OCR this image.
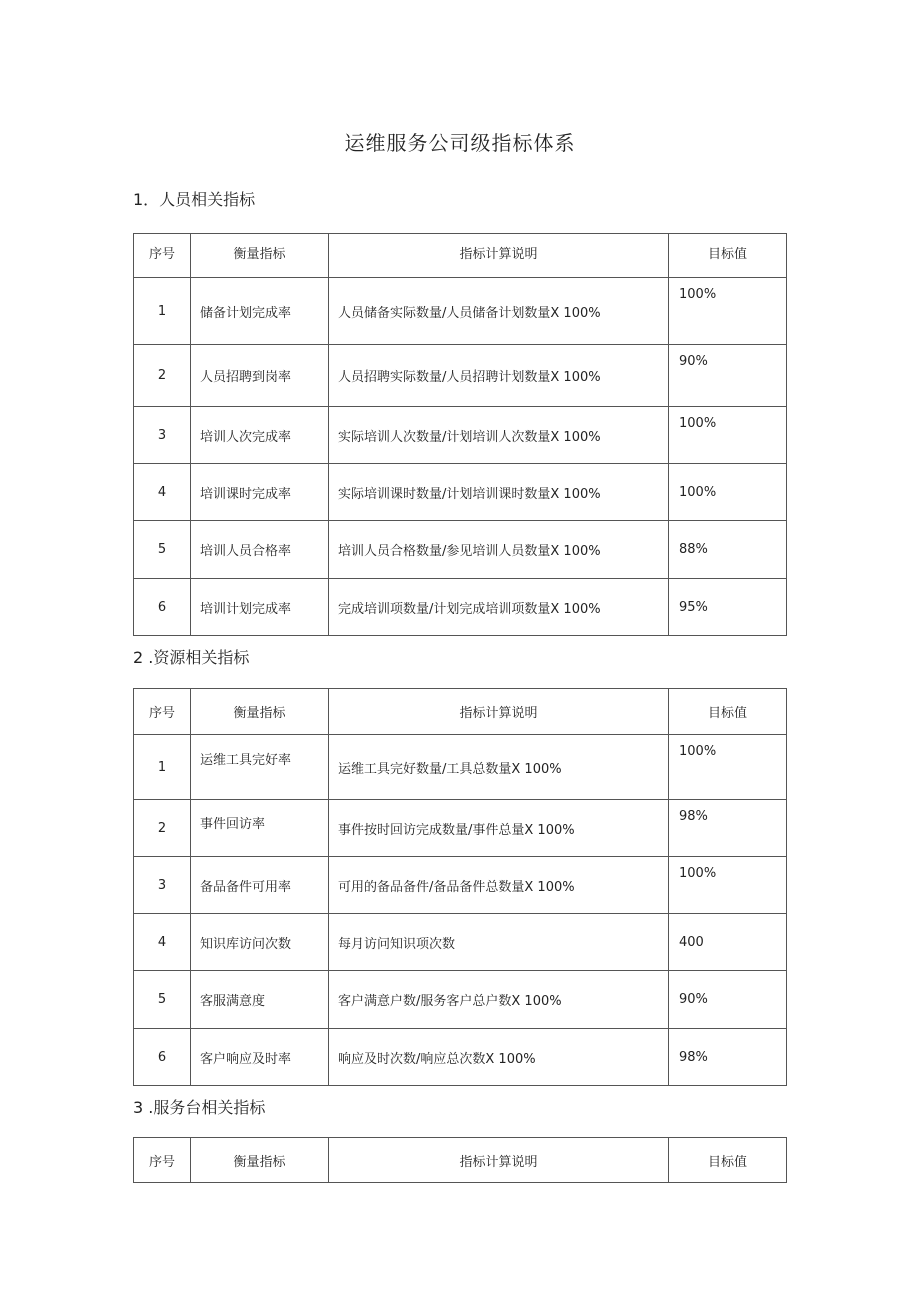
运维服务公司级指标体系
1．人员相关指标
序号	衡量指标	指标计算说明	目标值
1	储备计划完成率	人员储备实际数量/人员储备计划数量X 100%	100%
2	人员招聘到岗率	人员招聘实际数量/人员招聘计划数量X 100%	90%
3	培训人次完成率	实际培训人次数量/计划培训人次数量X 100%	100%
4	培训课时完成率	实际培训课时数量/计划培训课时数量X 100%	100%
5	培训人员合格率	培训人员合格数量/参见培训人员数量X 100%	88%
6	培训计划完成率	完成培训项数量/计划完成培训项数量X 100%	95%
2 .资源相关指标
序号	衡量指标	指标计算说明	目标值
1	运维工具完好率	运维工具完好数量/工具总数量X 100%	100%
2	事件回访率	事件按时回访完成数量/事件总量X 100%	98%
3	备品备件可用率	可用的备品备件/备品备件总数量X 100%	100%
4	知识库访问次数	每月访问知识项次数	400
5	客服满意度	客户满意户数/服务客户总户数X 100%	90%
6	客户响应及时率	响应及时次数/响应总次数X 100%	98%
3 .服务台相关指标
序号	衡量指标	指标计算说明	目标值
